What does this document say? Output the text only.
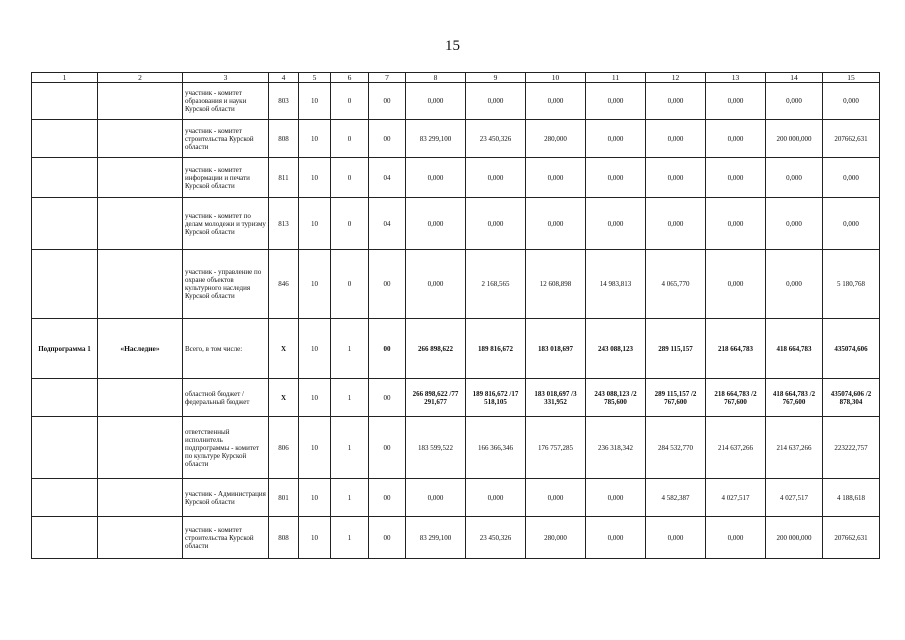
15
1	2	3	4	5	6	7	8	9	10	11	12	13	14	15
		участник - комитет образования и науки Курской области	803	10	0	00	0,000	0,000	0,000	0,000	0,000	0,000	0,000	0,000
		участник - комитет строительства Курской области	808	10	0	00	83 299,100	23 450,326	280,000	0,000	0,000	0,000	200 000,000	207662,631
		участник - комитет информации и печати Курской области	811	10	0	04	0,000	0,000	0,000	0,000	0,000	0,000	0,000	0,000
		участник - комитет по делам молодежи и туризму Курской области	813	10	0	04	0,000	0,000	0,000	0,000	0,000	0,000	0,000	0,000
		участник - управление по охране объектов культурного наследия Курской области	846	10	0	00	0,000	2 168,565	12 608,898	14 983,813	4 065,770	0,000	0,000	5 180,768
Подпрограмма 1	«Наследие»	Всего, в том числе:	Х	10	1	00	266 898,622	189 816,672	183 018,697	243 088,123	289 115,157	218 664,783	418 664,783	435074,606
		областной бюджет /федеральный бюджет	Х	10	1	00	266 898,622 /77 291,677	189 816,672 /17 518,105	183 018,697 /3 331,952	243 088,123 /2 785,600	289 115,157 /2 767,600	218 664,783 /2 767,600	418 664,783 /2 767,600	435074,606 /2 878,304
		ответственный исполнитель подпрограммы - комитет по культуре Курской области	806	10	1	00	183 599,522	166 366,346	176 757,285	236 318,342	284 532,770	214 637,266	214 637,266	223222,757
		участник - Администрация Курской области	801	10	1	00	0,000	0,000	0,000	0,000	4 582,387	4 027,517	4 027,517	4 188,618
		участник - комитет строительства Курской области	808	10	1	00	83 299,100	23 450,326	280,000	0,000	0,000	0,000	200 000,000	207662,631
